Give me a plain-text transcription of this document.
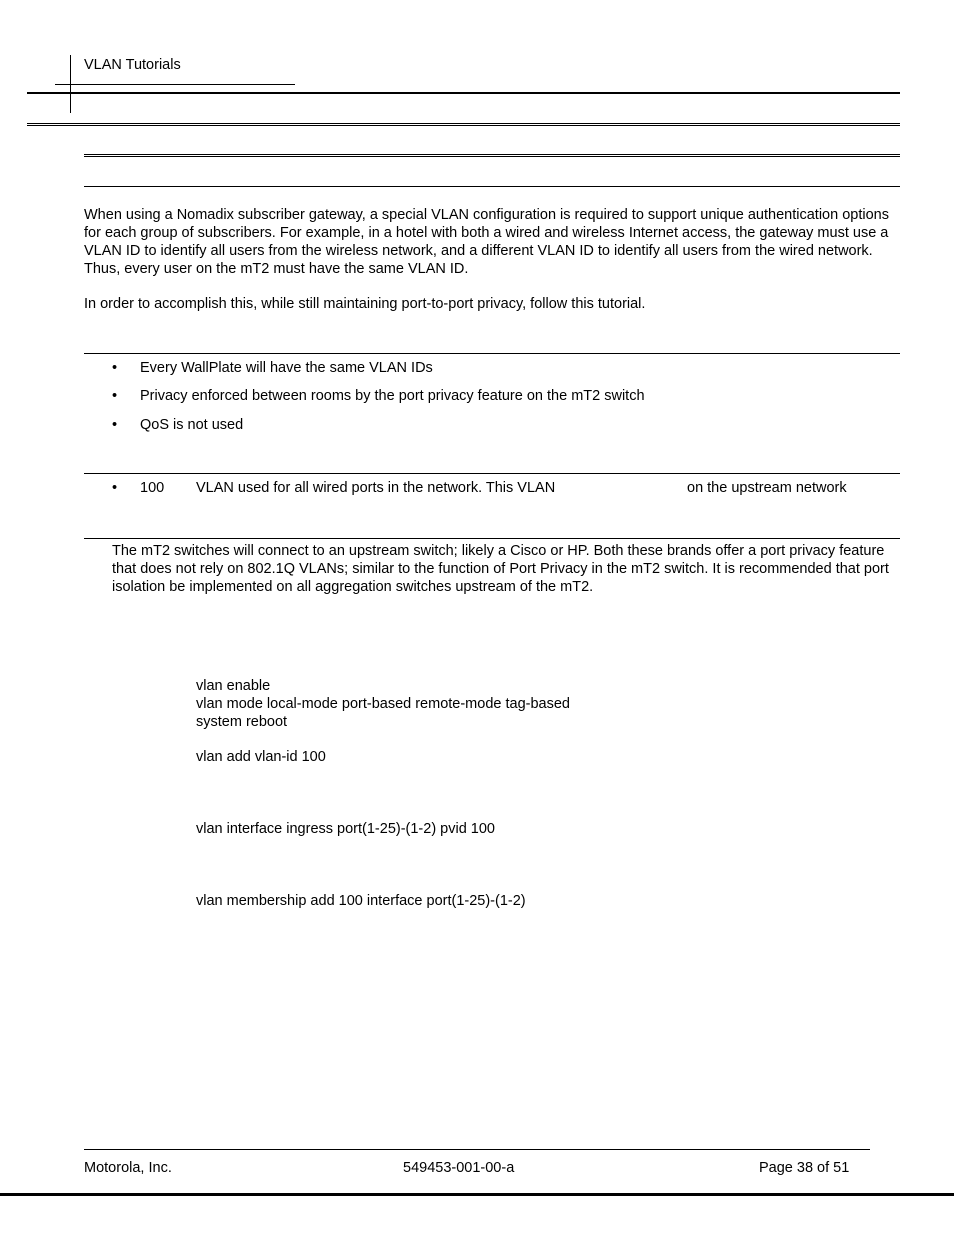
VLAN Tutorials
When using a Nomadix subscriber gateway, a special VLAN configuration is required to support unique authentication options for each group of subscribers. For example, in a hotel with both a wired and wireless Internet access, the gateway must use a VLAN ID to identify all users from the wireless network, and a different VLAN ID to identify all users from the wired network. Thus, every user on the mT2 must have the same VLAN ID.
In order to accomplish this, while still maintaining port-to-port privacy, follow this tutorial.
• Every WallPlate will have the same VLAN IDs
• Privacy enforced between rooms by the port privacy feature on the mT2 switch
• QoS is not used
• 100 VLAN used for all wired ports in the network. This VLAN	on the upstream network
The mT2 switches will connect to an upstream switch; likely a Cisco or HP. Both these brands offer a port privacy feature that does not rely on 802.1Q VLANs; similar to the function of Port Privacy in the mT2 switch. It is recommended that port isolation be implemented on all aggregation switches upstream of the mT2.
vlan enable
vlan mode local-mode port-based remote-mode tag-based
system reboot
vlan add vlan-id 100
vlan interface ingress port(1-25)-(1-2) pvid 100
vlan membership add 100 interface port(1-25)-(1-2)
Motorola, Inc.	549453-001-00-a	Page 38 of 51
